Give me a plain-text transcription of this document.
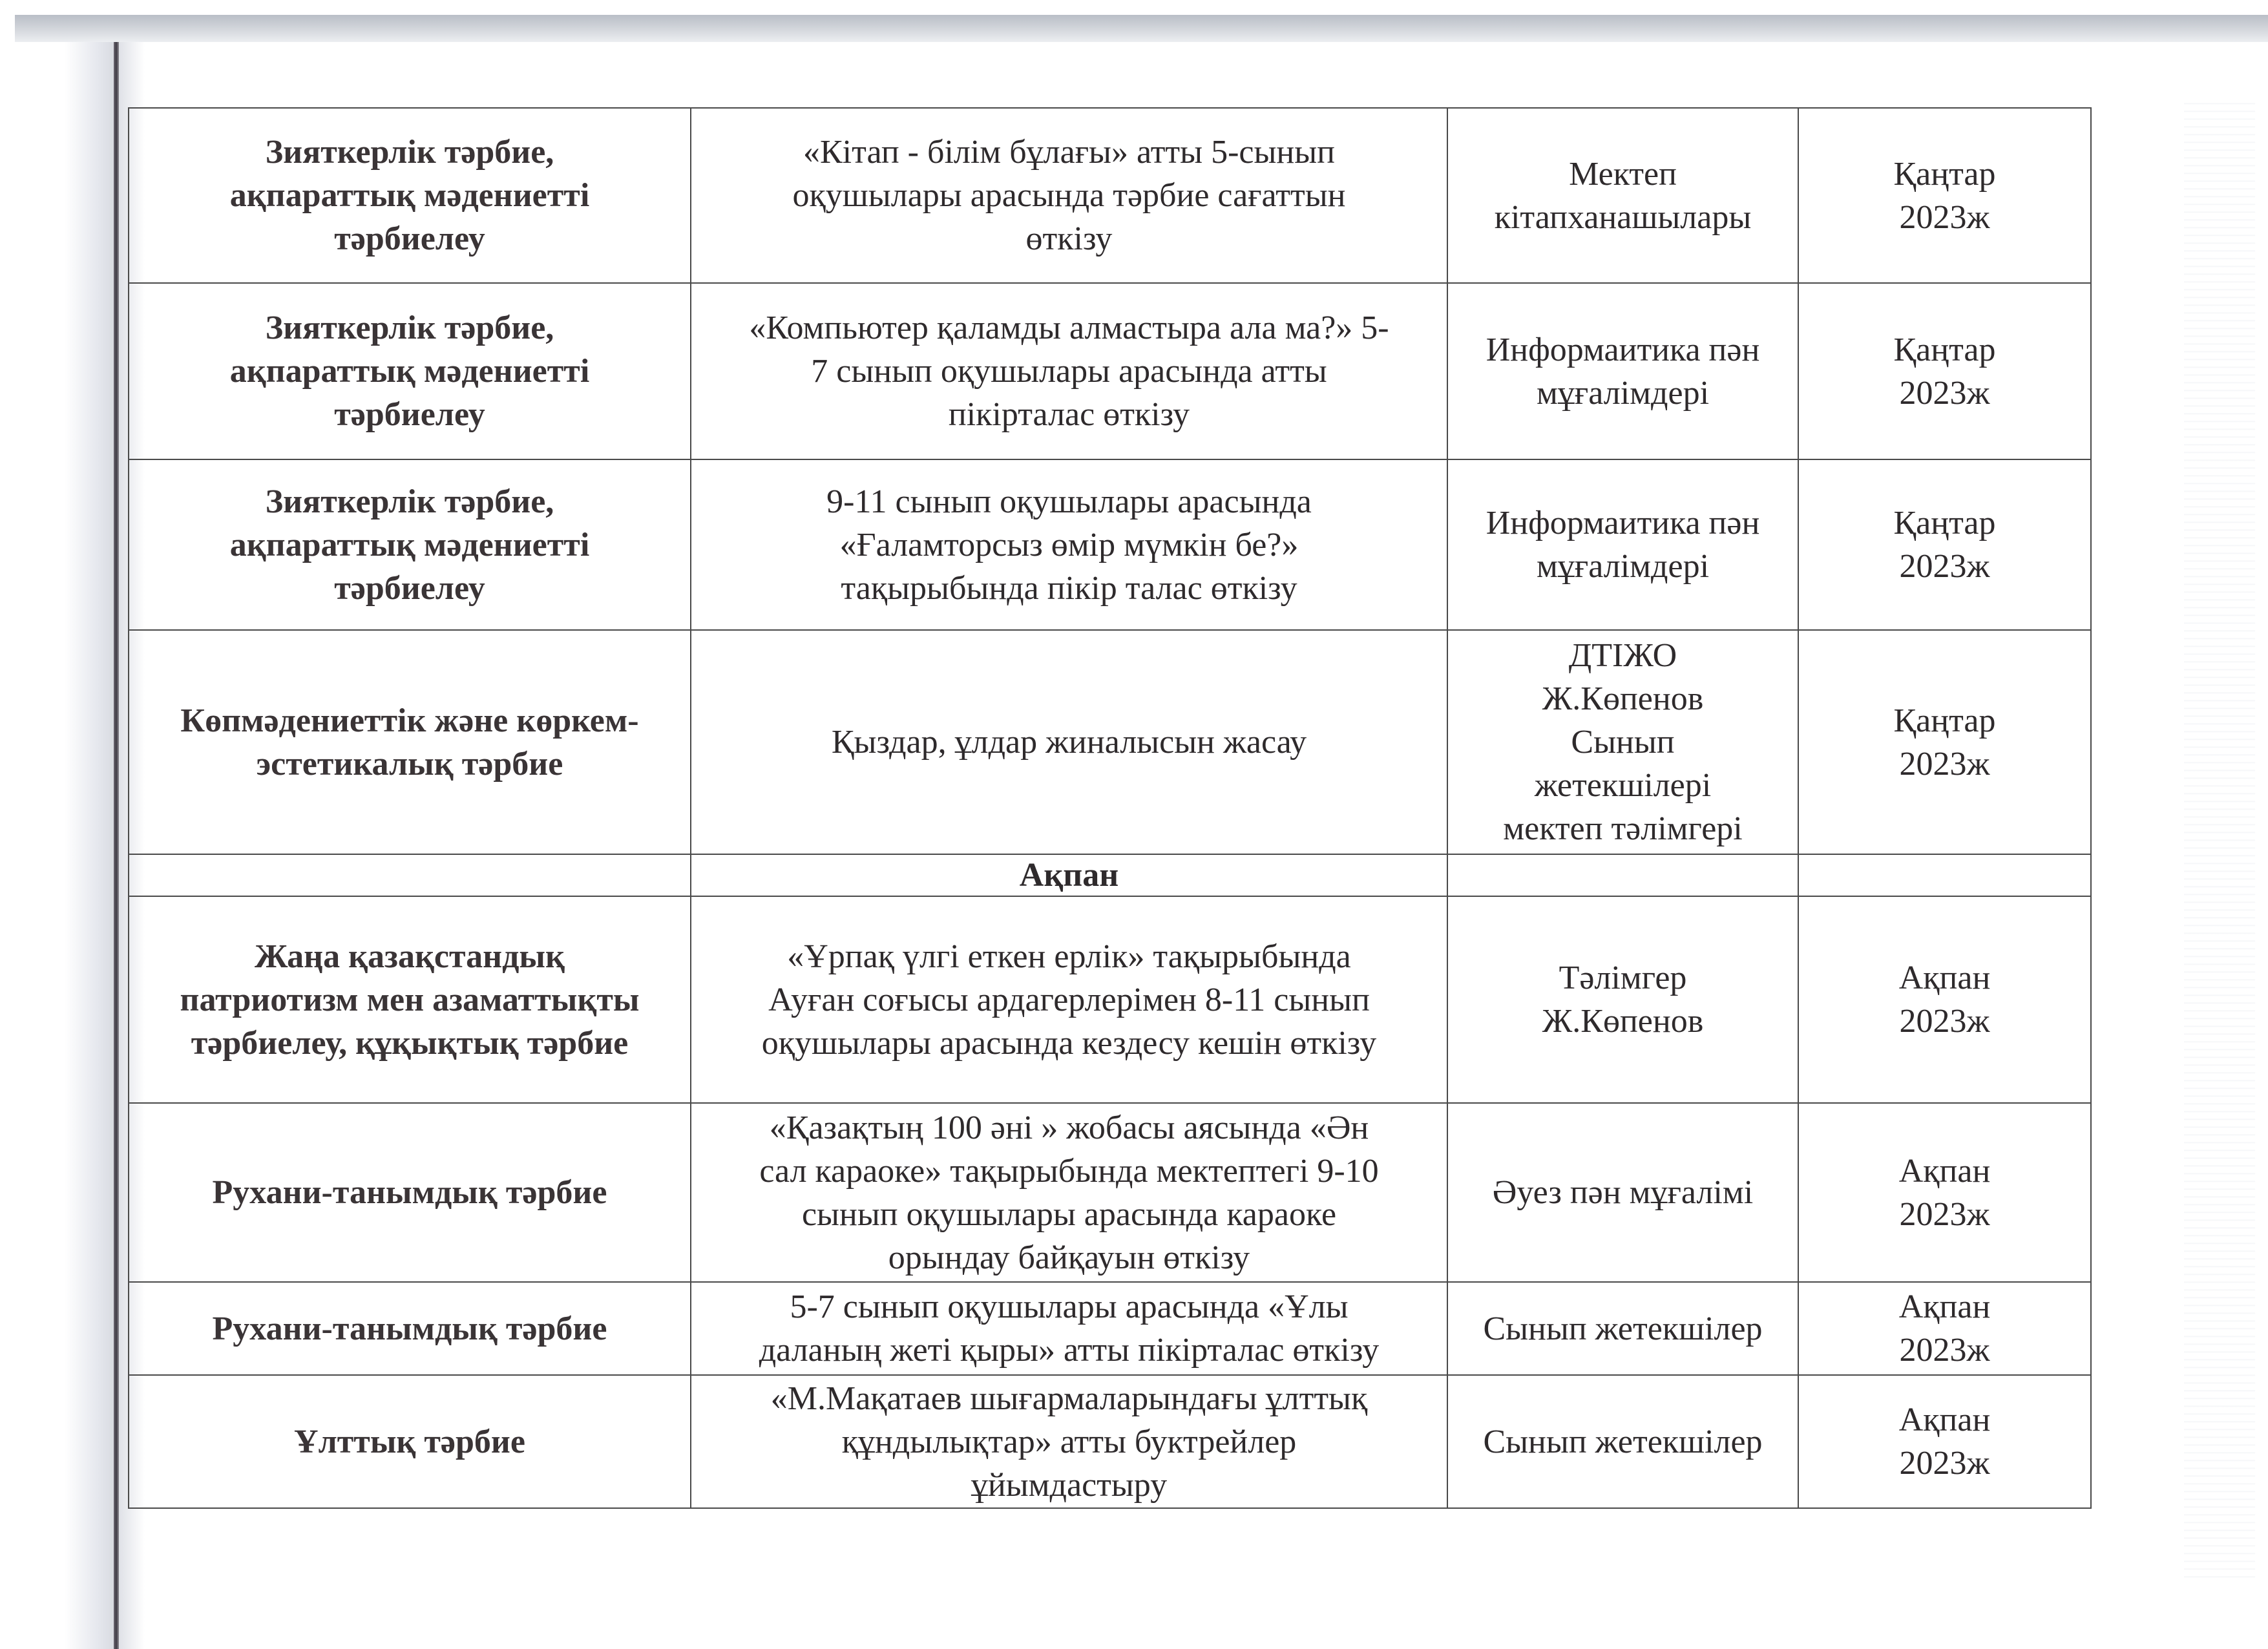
Зияткерлік тәрбие,
ақпараттық мәдениетті
тәрбиелеу	«Кітап - білім бұлағы» атты 5-сынып
оқушылары арасында тәрбие сағаттын
өткізу	Мектеп
кітапханашылары	Қаңтар
2023ж

Зияткерлік тәрбие,
ақпараттық мәдениетті
тәрбиелеу	«Компьютер қаламды алмастыра ала ма?» 5-
7 сынып оқушылары арасында атты
пікірталас өткізу	Информаитика пән
мұғалімдері	Қаңтар
2023ж

Зияткерлік тәрбие,
ақпараттық мәдениетті
тәрбиелеу	9-11 сынып оқушылары арасында
«Ғаламторсыз өмір мүмкін бе?»
тақырыбында пікір талас өткізу	Информаитика пән
мұғалімдері	Қаңтар
2023ж

Көпмәдениеттік және көркем-
эстетикалық тәрбие	Қыздар, ұлдар жиналысын жасау	ДТІЖО
Ж.Көпенов
Сынып
жетекшілері
мектеп тәлімгері	Қаңтар
2023ж

	Ақпан		

Жаңа қазақстандық
патриотизм мен азаматтықты
тәрбиелеу, құқықтық тәрбие	«Ұрпақ үлгі еткен ерлік» тақырыбында
Ауған соғысы ардагерлерімен 8-11 сынып
оқушылары арасында кездесу кешін өткізу	Тәлімгер
Ж.Көпенов	Ақпан
2023ж

Рухани-танымдық тәрбие	«Қазақтың 100 әні » жобасы аясында «Ән
сал караоке» тақырыбында мектептегі 9-10
сынып оқушылары арасында караоке
орындау байқауын өткізу	Әуез пән мұғалімі	Ақпан
2023ж

Рухани-танымдық тәрбие	5-7 сынып оқушылары арасында «Ұлы
даланың жеті қыры» атты пікірталас өткізу	Сынып жетекшілер	Ақпан
2023ж

Ұлттық тәрбие	«М.Мақатаев шығармаларындағы ұлттық
құндылықтар» атты буктрейлер
ұйымдастыру	Сынып жетекшілер	Ақпан
2023ж
